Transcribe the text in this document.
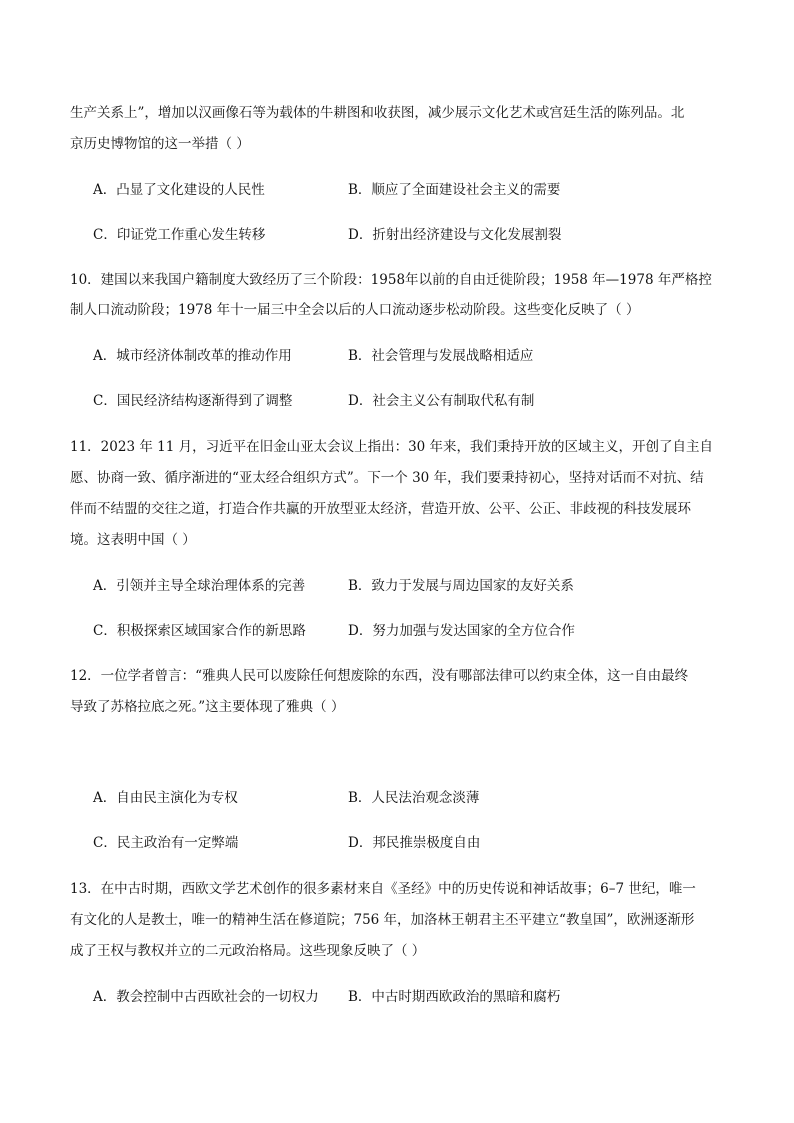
生产关系上”，增加以汉画像石等为载体的牛耕图和收获图，减少展示文化艺术或宫廷生活的陈列品。北
京历史博物馆的这一举措（ ）
A．凸显了文化建设的人民性	B．顺应了全面建设社会主义的需要
C．印证党工作重心发生转移	D．折射出经济建设与文化发展割裂
10．建国以来我国户籍制度大致经历了三个阶段：1958年以前的自由迁徙阶段；1958 年—1978 年严格控
制人口流动阶段；1978 年十一届三中全会以后的人口流动逐步松动阶段。这些变化反映了（ ）
A．城市经济体制改革的推动作用	B．社会管理与发展战略相适应
C．国民经济结构逐渐得到了调整	D．社会主义公有制取代私有制
11．2023 年 11 月，习近平在旧金山亚太会议上指出：30 年来，我们秉持开放的区域主义，开创了自主自
愿、协商一致、循序渐进的“亚太经合组织方式”。下一个 30 年，我们要秉持初心，坚持对话而不对抗、结
伴而不结盟的交往之道，打造合作共赢的开放型亚太经济，营造开放、公平、公正、非歧视的科技发展环
境。这表明中国（ ）
A．引领并主导全球治理体系的完善	B．致力于发展与周边国家的友好关系
C．积极探索区域国家合作的新思路	D．努力加强与发达国家的全方位合作
12．一位学者曾言：“雅典人民可以废除任何想废除的东西，没有哪部法律可以约束全体，这一自由最终
导致了苏格拉底之死。”这主要体现了雅典（ ）
A．自由民主演化为专权	B．人民法治观念淡薄
C．民主政治有一定弊端	D．邦民推崇极度自由
13．在中古时期，西欧文学艺术创作的很多素材来自《圣经》中的历史传说和神话故事；6–7 世纪，唯一
有文化的人是教士，唯一的精神生活在修道院；756 年，加洛林王朝君主丕平建立“教皇国”，欧洲逐渐形
成了王权与教权并立的二元政治格局。这些现象反映了（ ）
A．教会控制中古西欧社会的一切权力 B．中古时期西欧政治的黑暗和腐朽
